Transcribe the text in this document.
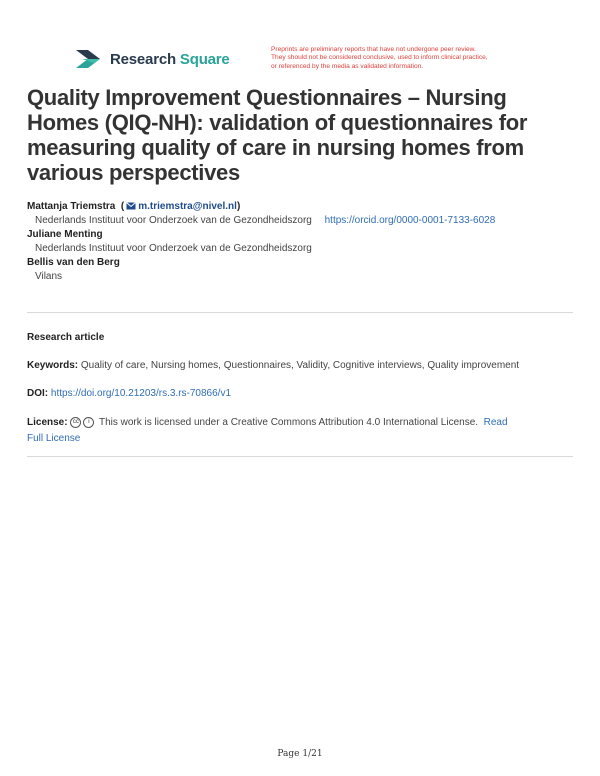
Research Square
Preprints are preliminary reports that have not undergone peer review.
They should not be considered conclusive, used to inform clinical practice,
or referenced by the media as validated information.
Quality Improvement Questionnaires – Nursing Homes (QIQ-NH): validation of questionnaires for measuring quality of care in nursing homes from various perspectives
Mattanja Triemstra  ( m.triemstra@nivel.nl)
Nederlands Instituut voor Onderzoek van de Gezondheidszorg https://orcid.org/0000-0001-7133-6028
Juliane Menting
Nederlands Instituut voor Onderzoek van de Gezondheidszorg
Bellis van den Berg
Vilans
Research article
Keywords: Quality of care, Nursing homes, Questionnaires, Validity, Cognitive interviews, Quality improvement
DOI: https://doi.org/10.21203/rs.3.rs-70866/v1
License: cc i This work is licensed under a Creative Commons Attribution 4.0 International License. Read
Full License
Page 1/21
